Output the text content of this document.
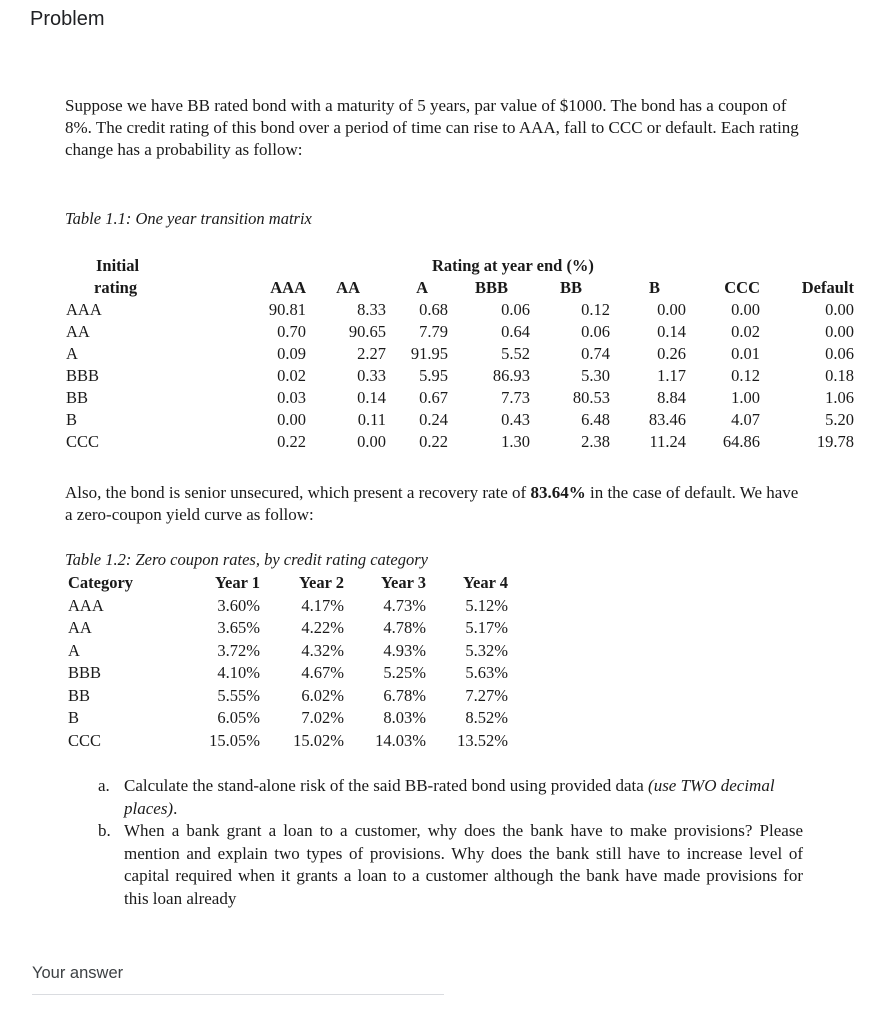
Problem

Suppose we have BB rated bond with a maturity of 5 years, par value of $1000. The bond has a coupon of 8%. The credit rating of this bond over a period of time can rise to AAA, fall to CCC or default. Each rating change has a probability as follow:

Table 1.1: One year transition matrix

Initial	Rating at year end (%)							
rating	AAA	AA	A	BBB	BB	B	CCC	Default
AAA	90.81	8.33	0.68	0.06	0.12	0.00	0.00	0.00
AA	0.70	90.65	7.79	0.64	0.06	0.14	0.02	0.00
A	0.09	2.27	91.95	5.52	0.74	0.26	0.01	0.06
BBB	0.02	0.33	5.95	86.93	5.30	1.17	0.12	0.18
BB	0.03	0.14	0.67	7.73	80.53	8.84	1.00	1.06
B	0.00	0.11	0.24	0.43	6.48	83.46	4.07	5.20
CCC	0.22	0.00	0.22	1.30	2.38	11.24	64.86	19.78

Also, the bond is senior unsecured, which present a recovery rate of 83.64% in the case of default. We have a zero-coupon yield curve as follow:

Table 1.2: Zero coupon rates, by credit rating category

Category	Year 1	Year 2	Year 3	Year 4
AAA	3.60%	4.17%	4.73%	5.12%
AA	3.65%	4.22%	4.78%	5.17%
A	3.72%	4.32%	4.93%	5.32%
BBB	4.10%	4.67%	5.25%	5.63%
BB	5.55%	6.02%	6.78%	7.27%
B	6.05%	7.02%	8.03%	8.52%
CCC	15.05%	15.02%	14.03%	13.52%
a. Calculate the stand-alone risk of the said BB-rated bond using provided data (use TWO decimal places).
b. When a bank grant a loan to a customer, why does the bank have to make provisions? Please mention and explain two types of provisions. Why does the bank still have to increase level of capital required when it grants a loan to a customer although the bank have made provisions for this loan already
Your answer
